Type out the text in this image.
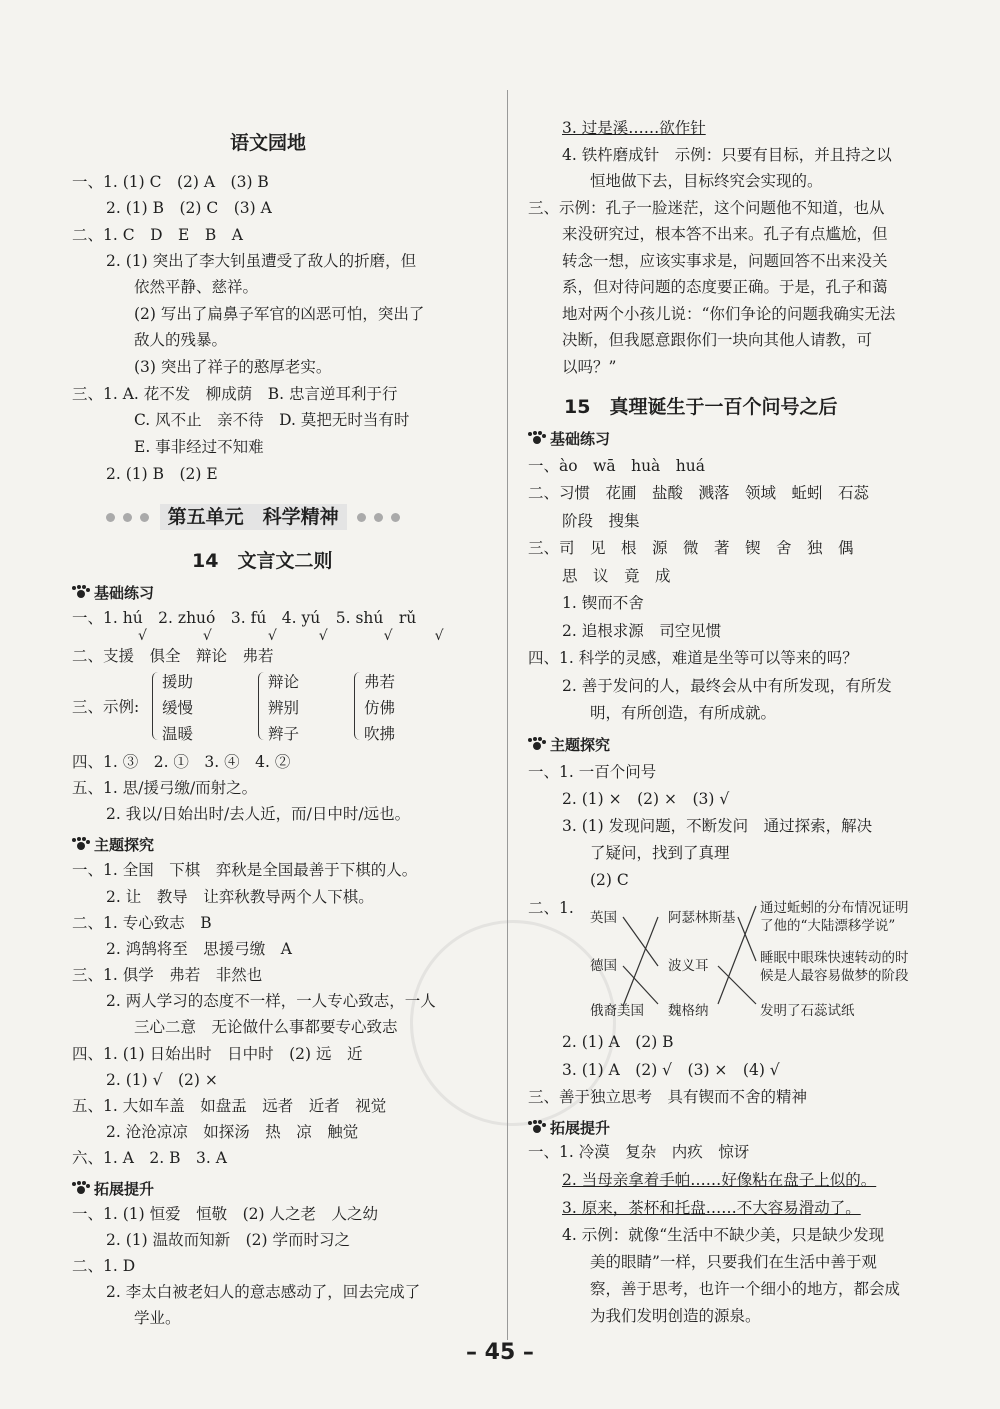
语文园地
一、1. (1) C　(2) A　(3) B
2. (1) B　(2) C　(3) A
二、1. C　D　E　B　A
2. (1) 突出了李大钊虽遭受了敌人的折磨，但
依然平静、慈祥。
(2) 写出了扁鼻子军官的凶恶可怕，突出了
敌人的残暴。
(3) 突出了祥子的憨厚老实。
三、1. A. 花不发　柳成荫　B. 忠言逆耳利于行
C. 风不止　亲不待　D. 莫把无时当有时
E. 事非经过不知难
2. (1) B　(2) E
第五单元　科学精神
14　文言文二则
基础练习
一、1. hú　2. zhuó　3. fú　4. yú　5. shú　rǔ
√　　　　√　　　　√　　　√　　　　√　　　√
二、支援　俱全　辩论　弗若
三、示例:
援助
缓慢
温暖
辩论
辨别
辫子
弗若
仿佛
吹拂
四、1. ③　2. ①　3. ④　4. ②
五、1. 思/援弓缴/而射之。
2. 我以/日始出时/去人近，而/日中时/远也。
主题探究
一、1. 全国　下棋　弈秋是全国最善于下棋的人。
2. 让　教导　让弈秋教导两个人下棋。
二、1. 专心致志　B
2. 鸿鹄将至　思援弓缴　A
三、1. 俱学　弗若　非然也
2. 两人学习的态度不一样，一人专心致志，一人
三心二意　无论做什么事都要专心致志
四、1. (1) 日始出时　日中时　(2) 远　近
2. (1) √　(2) ×
五、1. 大如车盖　如盘盂　远者　近者　视觉
2. 沧沧凉凉　如探汤　热　凉　触觉
六、1. A　2. B　3. A
拓展提升
一、1. (1) 恒爱　恒敬　(2) 人之老　人之幼
2. (1) 温故而知新　(2) 学而时习之
二、1. D
2. 李太白被老妇人的意志感动了，回去完成了
学业。
3. 过是溪……欲作针
4. 铁杵磨成针　示例：只要有目标，并且持之以
恒地做下去，目标终究会实现的。
三、示例：孔子一脸迷茫，这个问题他不知道，也从
来没研究过，根本答不出来。孔子有点尴尬，但
转念一想，应该实事求是，问题回答不出来没关
系，但对待问题的态度要正确。于是，孔子和蔼
地对两个小孩儿说：“你们争论的问题我确实无法
决断，但我愿意跟你们一块向其他人请教，可
以吗？”
15　真理诞生于一百个问号之后
基础练习
一、ào　wā　huà　huá
二、习惯　花圃　盐酸　溅落　领域　蚯蚓　石蕊
阶段　搜集
三、司　见　根　源　微　著　锲　舍　独　偶
思　议　竟　成
1. 锲而不舍
2. 追根求源　司空见惯
四、1. 科学的灵感，难道是坐等可以等来的吗？
2. 善于发问的人，最终会从中有所发现，有所发
明，有所创造，有所成就。
主题探究
一、1. 一百个问号
2. (1) ×　(2) ×　(3) √
3. (1) 发现问题，不断发问　通过探索，解决
了疑问，找到了真理
(2) C
二、1.
英国
德国
俄裔美国
阿瑟林斯基
波义耳
魏格纳
通过蚯蚓的分布情况证明
了他的“大陆漂移学说”
睡眠中眼珠快速转动的时
候是人最容易做梦的阶段
发明了石蕊试纸
2. (1) A　(2) B
3. (1) A　(2) √　(3) ×　(4) √
三、善于独立思考　具有锲而不舍的精神
拓展提升
一、1. 冷漠　复杂　内疚　惊讶
2. 当母亲拿着手帕……好像粘在盘子上似的。
3. 原来，茶杯和托盘……不大容易滑动了。
4. 示例：就像“生活中不缺少美，只是缺少发现
美的眼睛”一样，只要我们在生活中善于观
察，善于思考，也许一个细小的地方，都会成
为我们发明创造的源泉。
– 45 –
